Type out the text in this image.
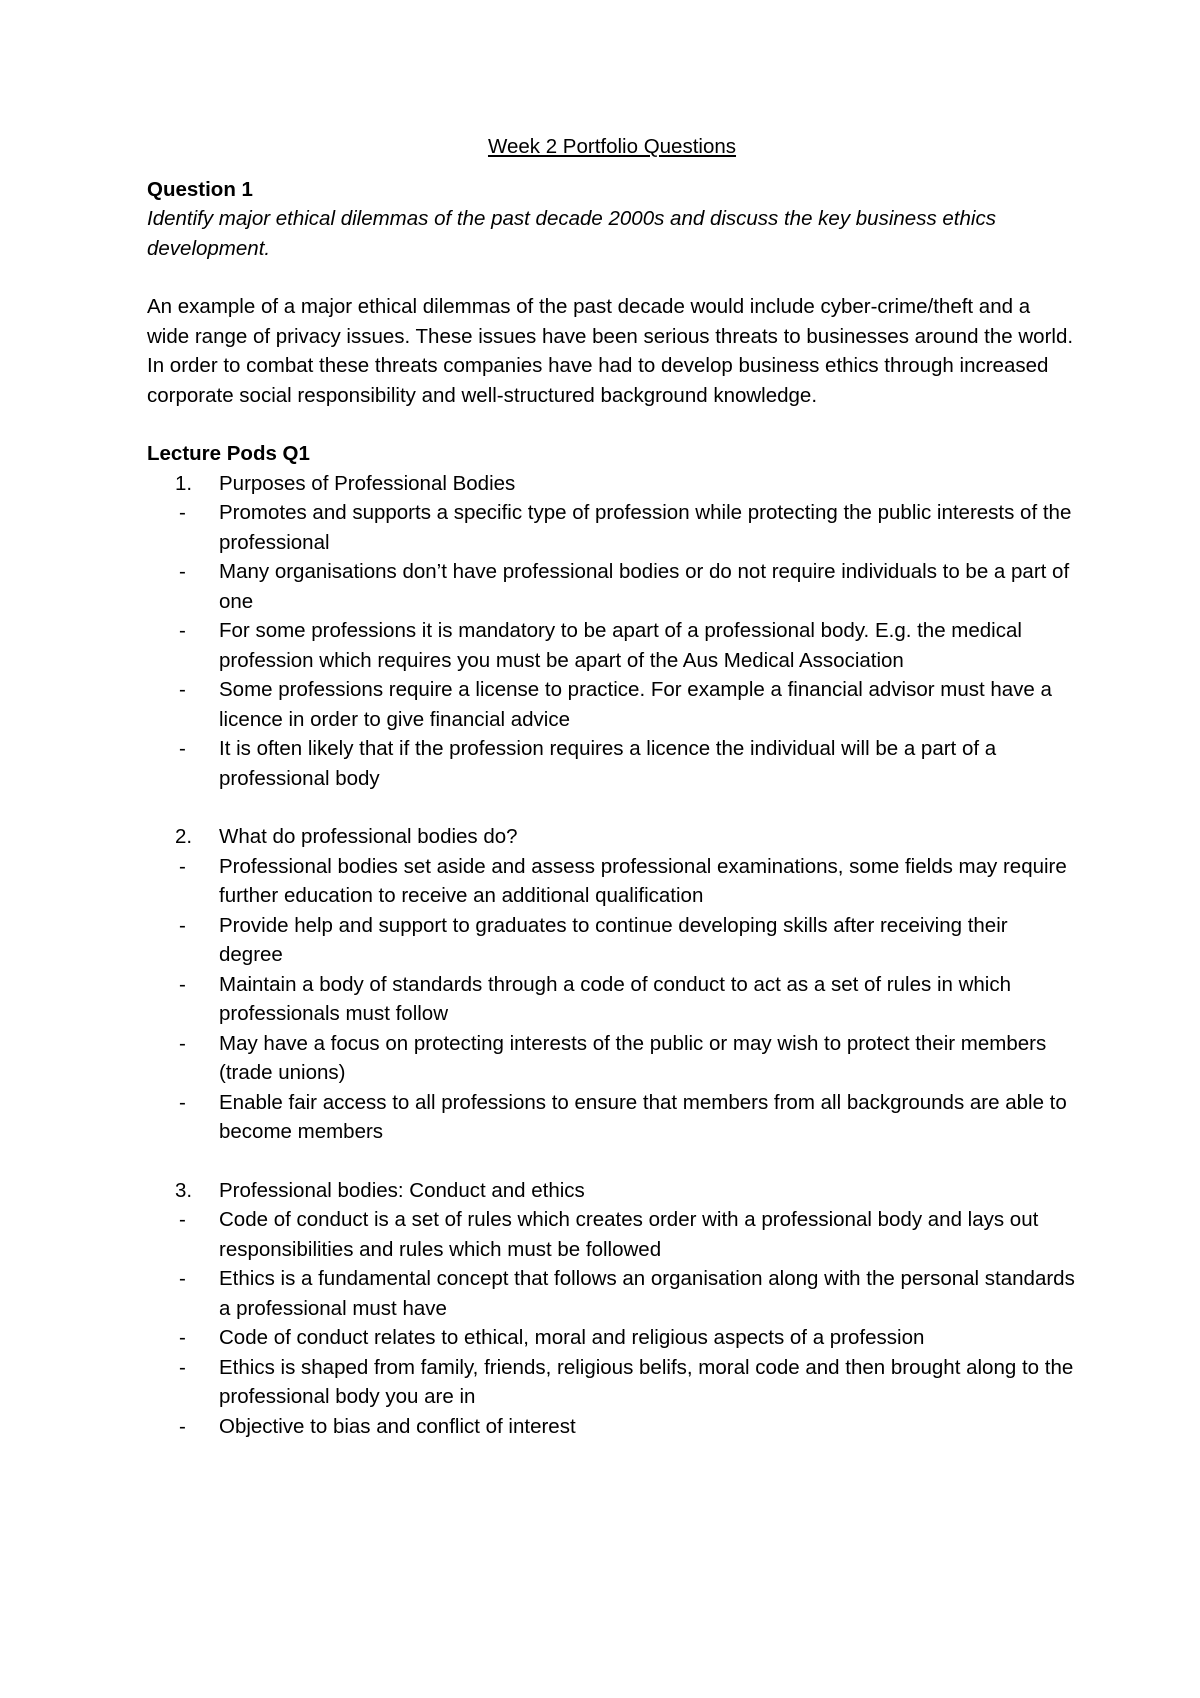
Week 2 Portfolio Questions

Question 1

Identify major ethical dilemmas of the past decade 2000s and discuss the key business ethics development.

An example of a major ethical dilemmas of the past decade would include cyber-crime/theft and a wide range of privacy issues. These issues have been serious threats to businesses around the world. In order to combat these threats companies have had to develop business ethics through increased corporate social responsibility and well-structured background knowledge.

Lecture Pods Q1

1. Purposes of Professional Bodies

- Promotes and supports a specific type of profession while protecting the public interests of the professional
- Many organisations don’t have professional bodies or do not require individuals to be a part of one
- For some professions it is mandatory to be apart of a professional body. E.g. the medical profession which requires you must be apart of the Aus Medical Association
- Some professions require a license to practice. For example a financial advisor must have a licence in order to give financial advice
- It is often likely that if the profession requires a licence the individual will be a part of a professional body

2. What do professional bodies do?

- Professional bodies set aside and assess professional examinations, some fields may require further education to receive an additional qualification
- Provide help and support to graduates to continue developing skills after receiving their degree
- Maintain a body of standards through a code of conduct to act as a set of rules in which professionals must follow
- May have a focus on protecting interests of the public or may wish to protect their members (trade unions)
- Enable fair access to all professions to ensure that members from all backgrounds are able to become members

3. Professional bodies: Conduct and ethics

- Code of conduct is a set of rules which creates order with a professional body and lays out responsibilities and rules which must be followed
- Ethics is a fundamental concept that follows an organisation along with the personal standards a professional must have
- Code of conduct relates to ethical, moral and religious aspects of a profession
- Ethics is shaped from family, friends, religious belifs, moral code and then brought along to the professional body you are in
- Objective to bias and conflict of interest
